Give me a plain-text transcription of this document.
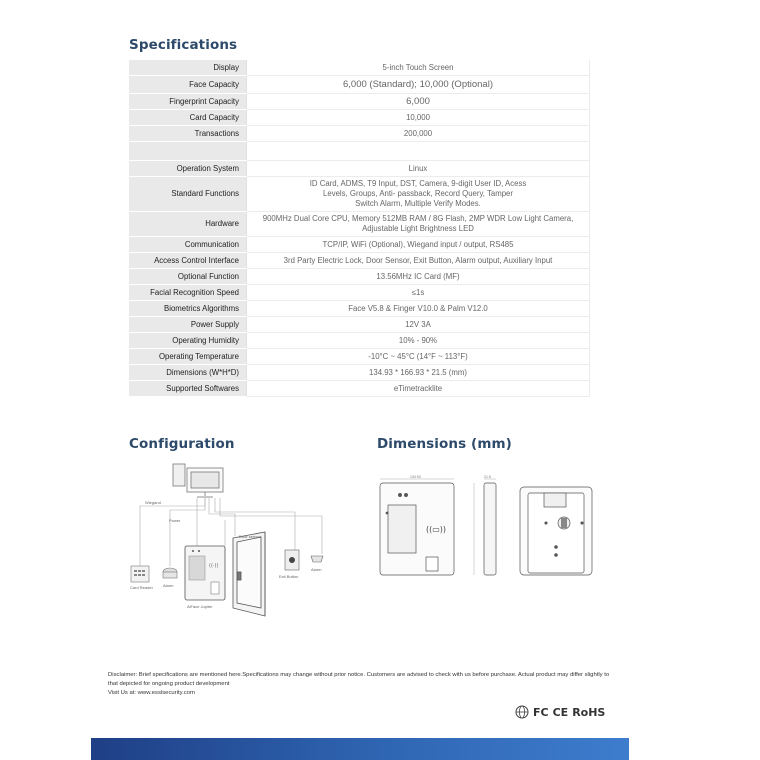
Specifications
Display	5-inch Touch Screen
Face Capacity	6,000 (Standard); 10,000 (Optional)
Fingerprint Capacity	6,000
Card Capacity	10,000
Transactions	200,000

Operation System	Linux
Standard Functions	ID Card, ADMS, T9 Input, DST, Camera, 9-digit User ID, Acess
Levels, Groups, Anti- passback, Record Query, Tamper
Switch Alarm, Multiple Verify Modes.

Hardware	900MHz Dual Core CPU, Memory 512MB RAM / 8G Flash, 2MP WDR Low Light Camera,
Adjustable Light Brightness LED

Communication	TCP/IP, WiFi (Optional), Wiegand input / output, RS485
Access Control Interface	3rd Party Electric Lock, Door Sensor, Exit Button, Alarm output, Auxiliary Input
Optional Function	13.56MHz IC Card (MF)
Facial Recognition Speed	≤1s
Biometrics Algorithms	Face V5.8 & Finger V10.0 & Palm V12.0
Power Supply	12V 3A
Operating Humidity	10% - 90%
Operating Temperature	-10°C ~ 45°C (14°F ~ 113°F)
Dimensions (W*H*D)	134.93 * 166.93 * 21.5 (mm)
Supported Softwares	eTimetracklite
Configuration	Dimensions (mm)
Wiegand
Power
Card Reader	Alarm
((·))
AiFace Jupiter
Door sensor
Exit Button
Alarm
((▭))
134.93	21.5
Disclaimer: Brief specifications are mentioned here.Specifications may change without prior notice. Customers are advised to check with us before purchase. Actual product may differ slightly to that depicted for ongoing product development
Visit Us at: www.esslsecurity.com
FC CE RoHS
